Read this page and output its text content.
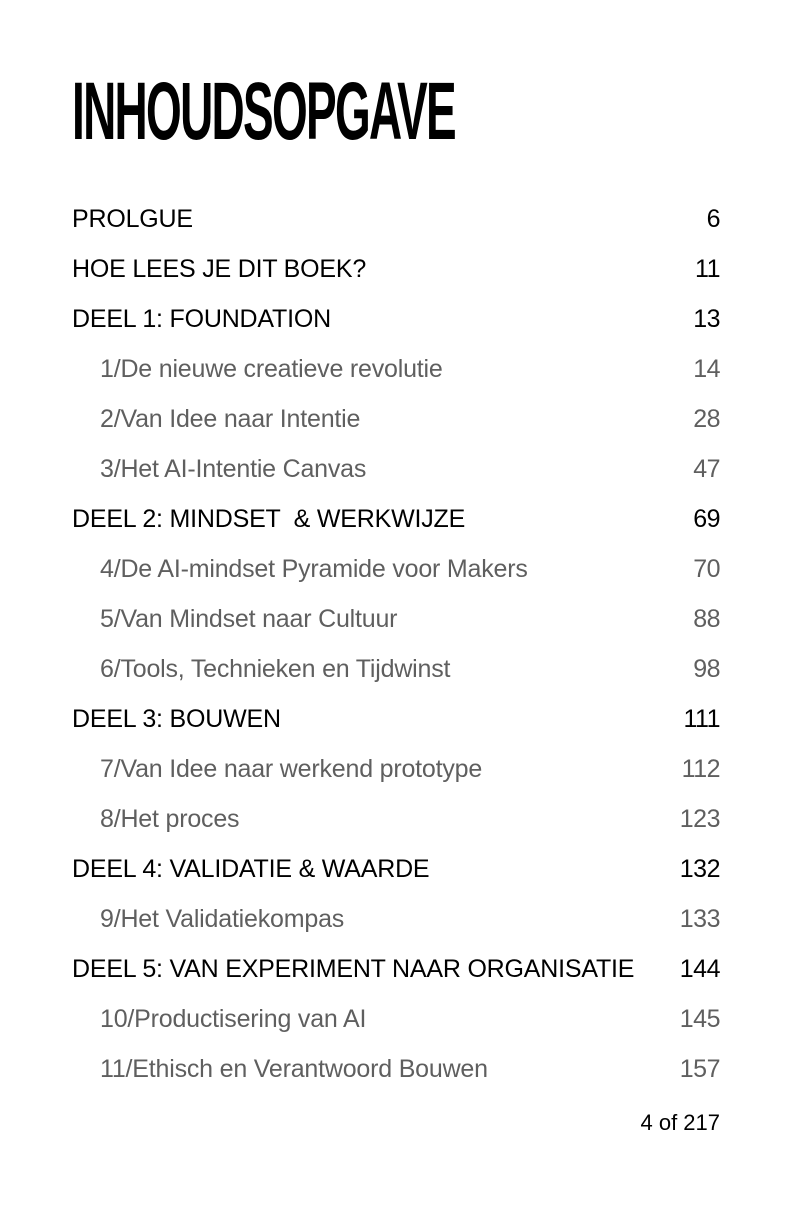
INHOUDSOPGAVE
PROLGUE	6
HOE LEES JE DIT BOEK?	11
DEEL 1: FOUNDATION	13
1/De nieuwe creatieve revolutie	14
2/Van Idee naar Intentie	28
3/Het AI-Intentie Canvas	47
DEEL 2: MINDSET  & WERKWIJZE	69
4/De AI-mindset Pyramide voor Makers	70
5/Van Mindset naar Cultuur	88
6/Tools, Technieken en Tijdwinst	98
DEEL 3: BOUWEN	111
7/Van Idee naar werkend prototype	112
8/Het proces	123
DEEL 4: VALIDATIE & WAARDE	132
9/Het Validatiekompas	133
DEEL 5: VAN EXPERIMENT NAAR ORGANISATIE 144
10/Productisering van AI	145
11/Ethisch en Verantwoord Bouwen	157
4 of 217
